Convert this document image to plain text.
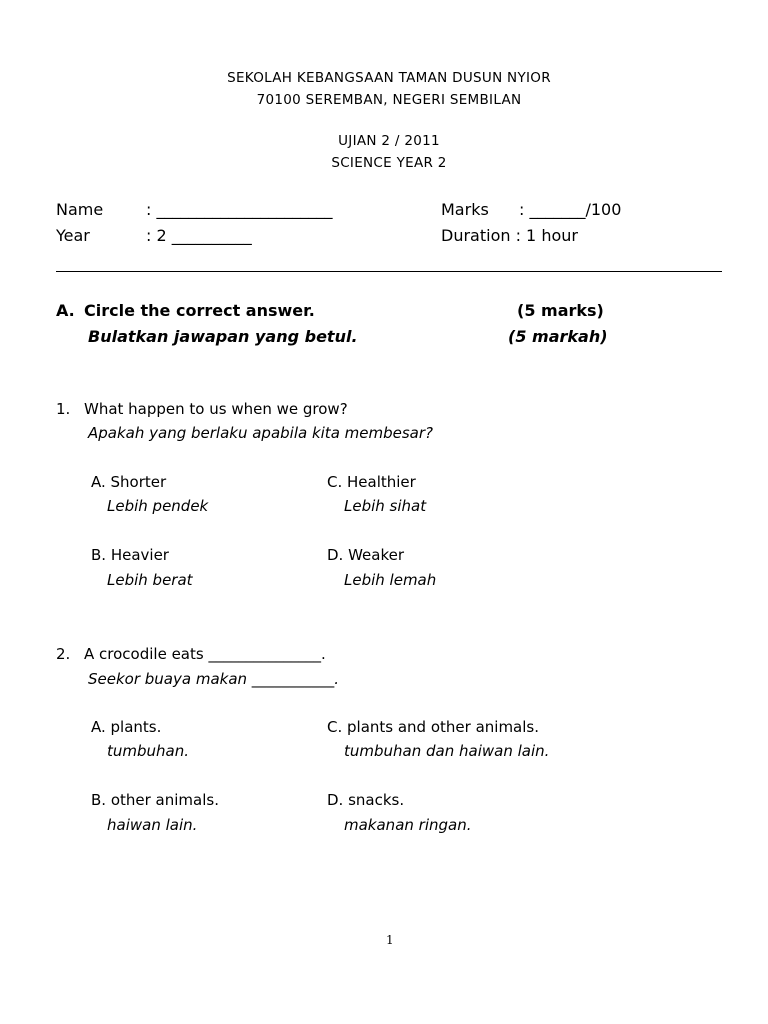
SEKOLAH KEBANGSAAN TAMAN DUSUN NYIOR
70100 SEREMBAN, NEGERI SEMBILAN
UJIAN 2 / 2011
SCIENCE YEAR 2
Name	: ______________________	Marks : _______/100
Year	: 2 __________	Duration : 1 hour
A. Circle the correct answer.	(5 marks)
Bulatkan jawapan yang betul.	(5 markah)
1. What happen to us when we grow?
Apakah yang berlaku apabila kita membesar?
A. Shorter
Lebih pendek
C. Healthier
Lebih sihat
B. Heavier
Lebih berat
D. Weaker
Lebih lemah
2. A crocodile eats _______________.
Seekor buaya makan ___________.
A. plants.
tumbuhan.
C. plants and other animals.
tumbuhan dan haiwan lain.
B. other animals.
haiwan lain.
D. snacks.
makanan ringan.
1
